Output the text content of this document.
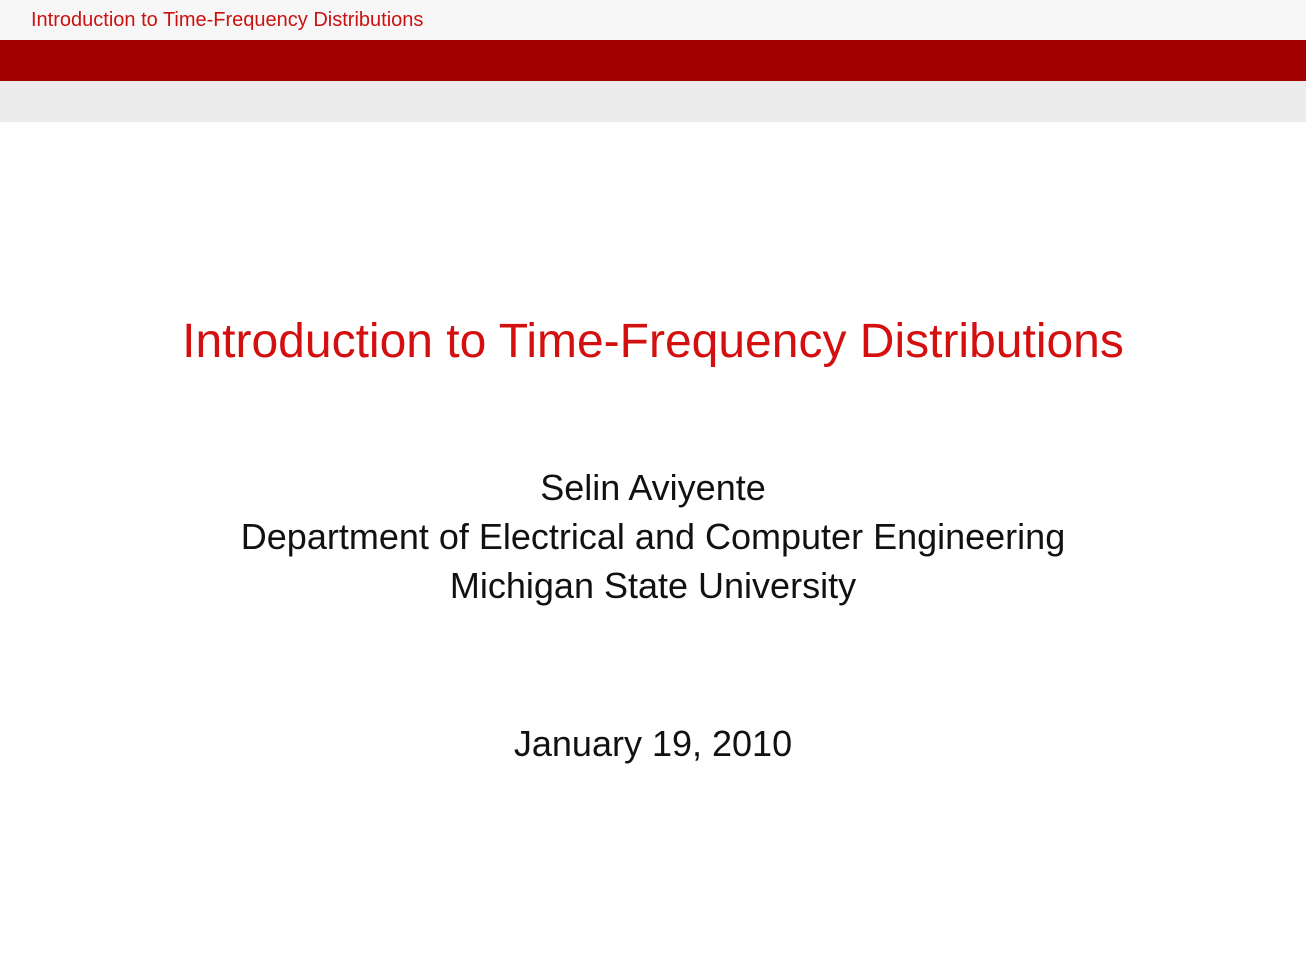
Introduction to Time-Frequency Distributions
Introduction to Time-Frequency Distributions
Selin Aviyente
Department of Electrical and Computer Engineering
Michigan State University
January 19, 2010
